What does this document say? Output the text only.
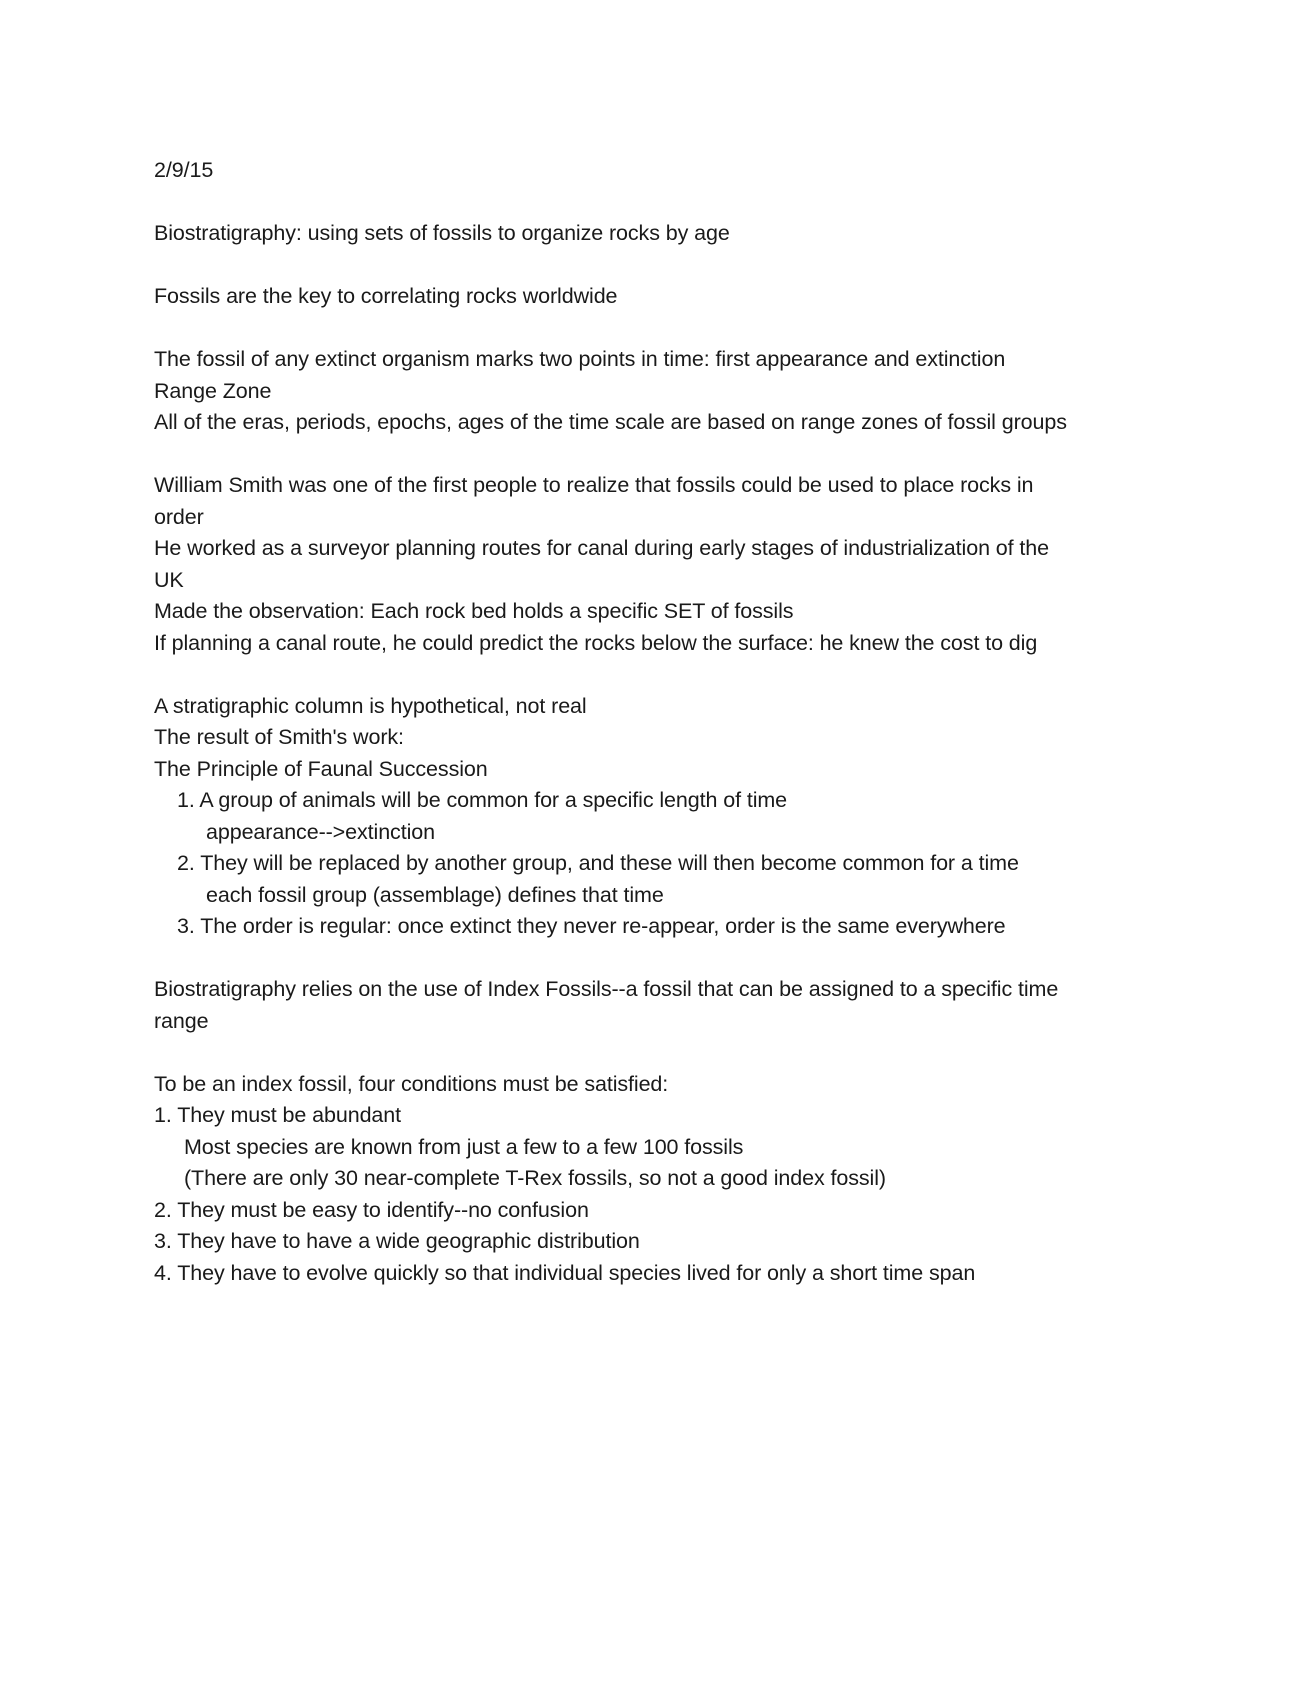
2/9/15
Biostratigraphy: using sets of fossils to organize rocks by age
Fossils are the key to correlating rocks worldwide
The fossil of any extinct organism marks two points in time: first appearance and extinction
Range Zone
All of the eras, periods, epochs, ages of the time scale are based on range zones of fossil groups
William Smith was one of the first people to realize that fossils could be used to place rocks in
order
He worked as a surveyor planning routes for canal during early stages of industrialization of the
UK
Made the observation: Each rock bed holds a specific SET of fossils
If planning a canal route, he could predict the rocks below the surface: he knew the cost to dig
A stratigraphic column is hypothetical, not real
The result of Smith's work:
The Principle of Faunal Succession
1. A group of animals will be common for a specific length of time
appearance-->extinction
2. They will be replaced by another group, and these will then become common for a time
each fossil group (assemblage) defines that time
3. The order is regular: once extinct they never re-appear, order is the same everywhere
Biostratigraphy relies on the use of Index Fossils--a fossil that can be assigned to a specific time
range
To be an index fossil, four conditions must be satisfied:
1. They must be abundant
Most species are known from just a few to a few 100 fossils
(There are only 30 near-complete T-Rex fossils, so not a good index fossil)
2. They must be easy to identify--no confusion
3. They have to have a wide geographic distribution
4. They have to evolve quickly so that individual species lived for only a short time span
